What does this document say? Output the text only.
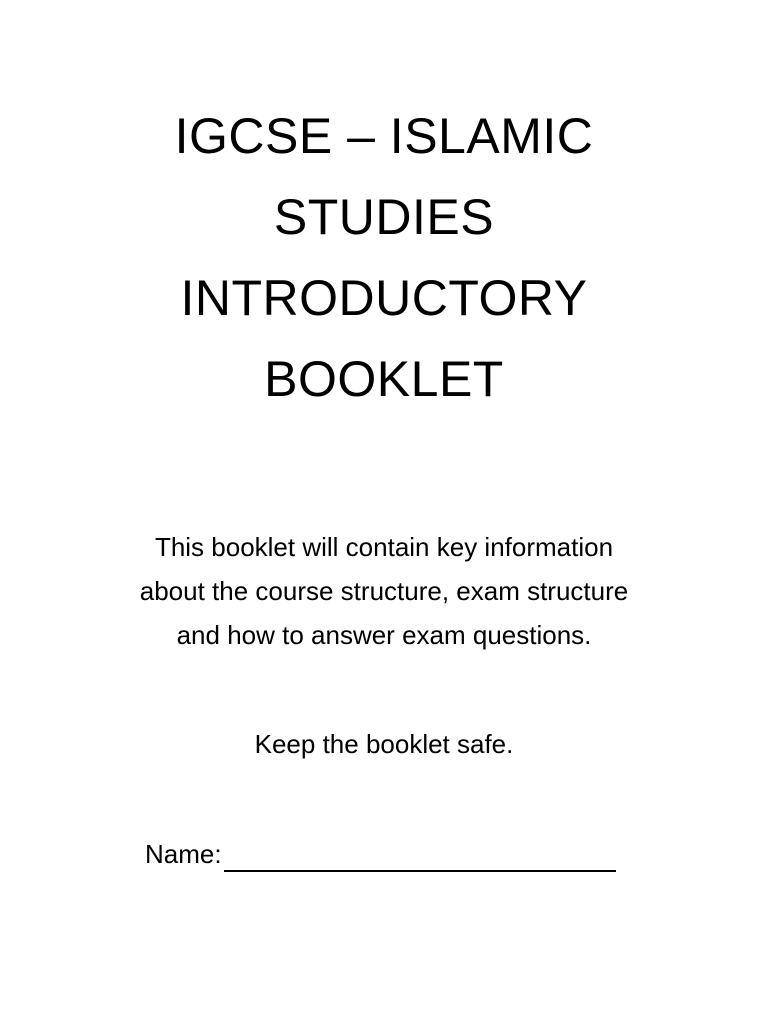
IGCSE – ISLAMIC
STUDIES
INTRODUCTORY
BOOKLET

This booklet will contain key information
about the course structure, exam structure
and how to answer exam questions.

Keep the booklet safe.

Name:
